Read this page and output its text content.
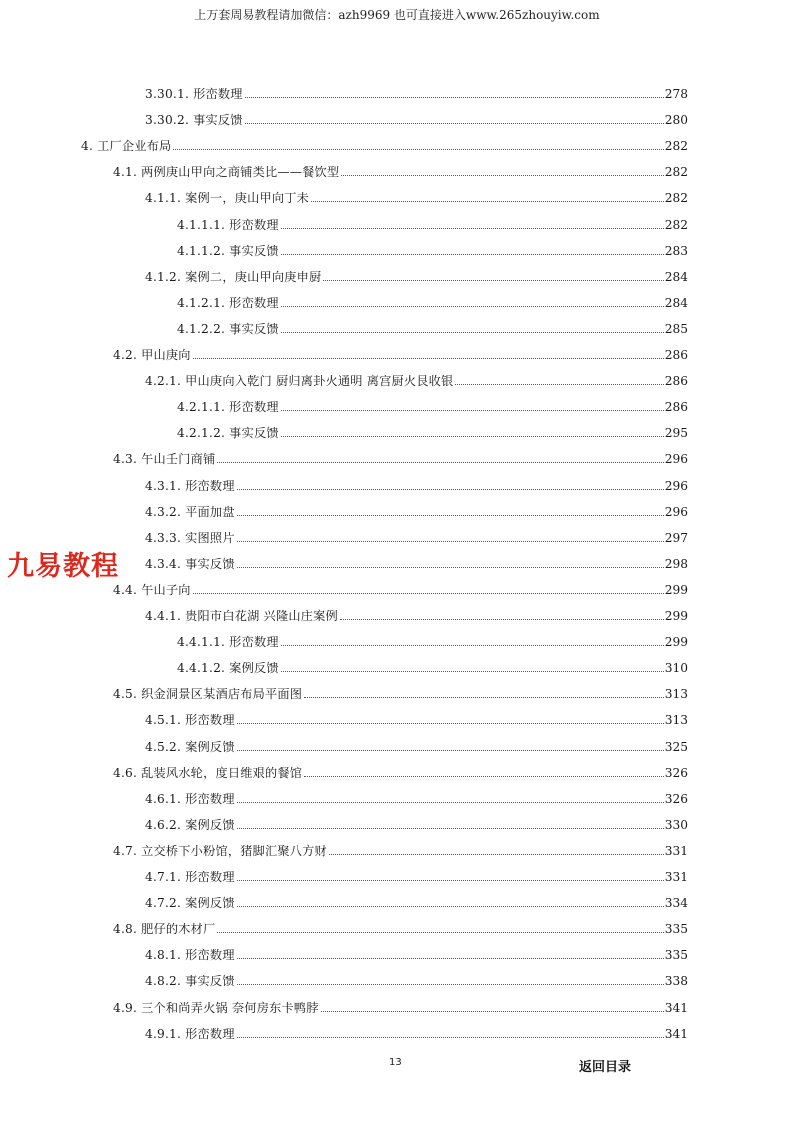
上万套周易教程请加微信：azh9969 也可直接进入www.265zhouyiw.com
3.30.1. 形峦数理	278
3.30.2. 事实反馈	280
4. 工厂企业布局	282
4.1. 两例庚山甲向之商铺类比——餐饮型	282
4.1.1. 案例一，庚山甲向丁未	282
4.1.1.1. 形峦数理	282
4.1.1.2. 事实反馈	283
4.1.2. 案例二，庚山甲向庚申厨	284
4.1.2.1. 形峦数理	284
4.1.2.2. 事实反馈	285
4.2. 甲山庚向	286
4.2.1. 甲山庚向入乾门 厨归离卦火通明 离宫厨火艮收银	286
4.2.1.1. 形峦数理	286
4.2.1.2. 事实反馈	295
4.3. 午山壬门商铺	296
4.3.1. 形峦数理	296
4.3.2. 平面加盘	296
4.3.3. 实图照片	297
4.3.4. 事实反馈	298
4.4. 午山子向	299
4.4.1. 贵阳市白花湖 兴隆山庄案例	299
4.4.1.1. 形峦数理	299
4.4.1.2. 案例反馈	310
4.5. 织金洞景区某酒店布局平面图	313
4.5.1. 形峦数理	313
4.5.2. 案例反馈	325
4.6. 乱装风水轮，度日维艰的餐馆	326
4.6.1. 形峦数理	326
4.6.2. 案例反馈	330
4.7. 立交桥下小粉馆，猪脚汇聚八方财	331
4.7.1. 形峦数理	331
4.7.2. 案例反馈	334
4.8. 肥仔的木材厂	335
4.8.1. 形峦数理	335
4.8.2. 事实反馈	338
4.9. 三个和尚弄火锅 奈何房东卡鸭脖	341
4.9.1. 形峦数理	341
九易教程
13	返回目录
